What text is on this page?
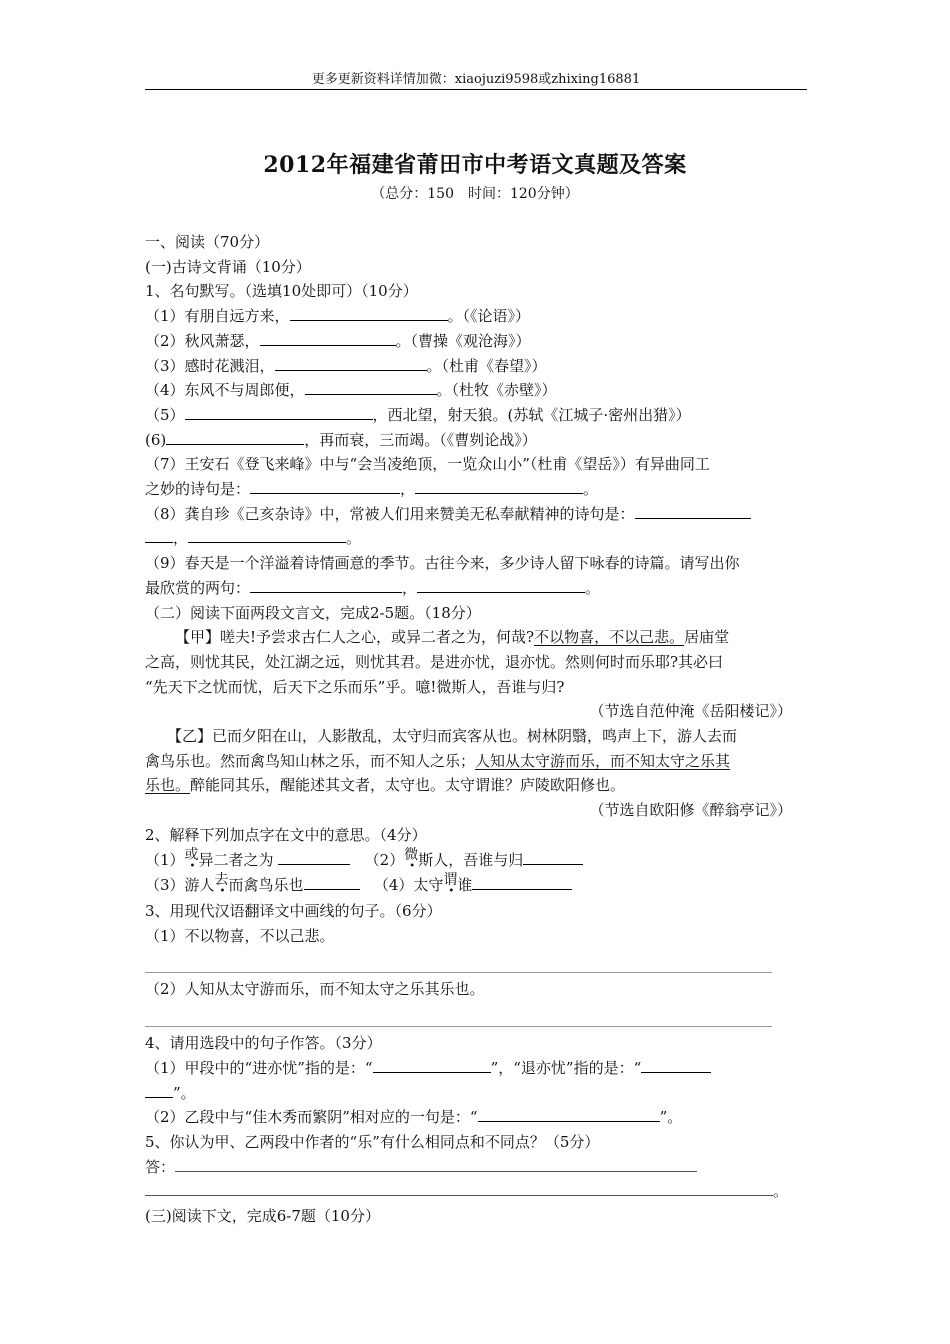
更多更新资料详情加微：xiaojuzi9598或zhixing16881
2012年福建省莆田市中考语文真题及答案
（总分：150　时间：120分钟）

一、阅读（70分）

(一)古诗文背诵（10分）

1、名句默写。（选填10处即可）（10分）

（1）有朋自远方来，	。（《论语》）

（2）秋风萧瑟，	。（曹操《观沧海》）

（3）感时花溅泪，	。（杜甫《春望》）

（4）东风不与周郎便，	。（杜牧《赤壁》）

（5）	，西北望，射天狼。(苏轼《江城子·密州出猎》）

(6)	，再而衰，三而竭。（《曹刿论战》）

（7）王安石《登飞来峰》中与“会当凌绝顶，一览众山小”（杜甫《望岳》）有异曲同工

之妙的诗句是：	，	。

（8）龚自珍《己亥杂诗》中，常被人们用来赞美无私奉献精神的诗句是：

，	。

（9）春天是一个洋溢着诗情画意的季节。古往今来，多少诗人留下咏春的诗篇。请写出你

最欣赏的两句：	，	。

（二）阅读下面两段文言文，完成2-5题。（18分）

【甲】嗟夫!予尝求古仁人之心，或异二者之为，何哉?不以物喜，不以己悲。居庙堂

之高，则忧其民，处江湖之远，则忧其君。是进亦忧，退亦忧。然则何时而乐耶?其必曰

“先天下之忧而忧，后天下之乐而乐”乎。噫!微斯人，吾谁与归?

（节选自范仲淹《岳阳楼记》）

【乙】已而夕阳在山，人影散乱，太守归而宾客从也。树林阴翳，鸣声上下，游人去而

禽鸟乐也。然而禽鸟知山林之乐，而不知人之乐；人知从太守游而乐，而不知太守之乐其

乐也。醉能同其乐，醒能述其文者，太守也。太守谓谁？庐陵欧阳修也。

（节选自欧阳修《醉翁亭记》）

2、解释下列加点字在文中的意思。（4分）

（1）或异二者之为	（2）微斯人，吾谁与归

（3）游人去而禽鸟乐也	（4）太守谓谁

3、用现代汉语翻译文中画线的句子。（6分）

（1）不以物喜，不以己悲。

（2）人知从太守游而乐，而不知太守之乐其乐也。

4、请用选段中的句子作答。（3分）

（1）甲段中的“进亦忧”指的是：“	”，“退亦忧”指的是：“

”。

（2）乙段中与“佳木秀而繁阴”相对应的一句是：“	”。

5、你认为甲、乙两段中作者的“乐”有什么相同点和不同点？（5分）

答：

。

(三)阅读下文，完成6-7题（10分）
